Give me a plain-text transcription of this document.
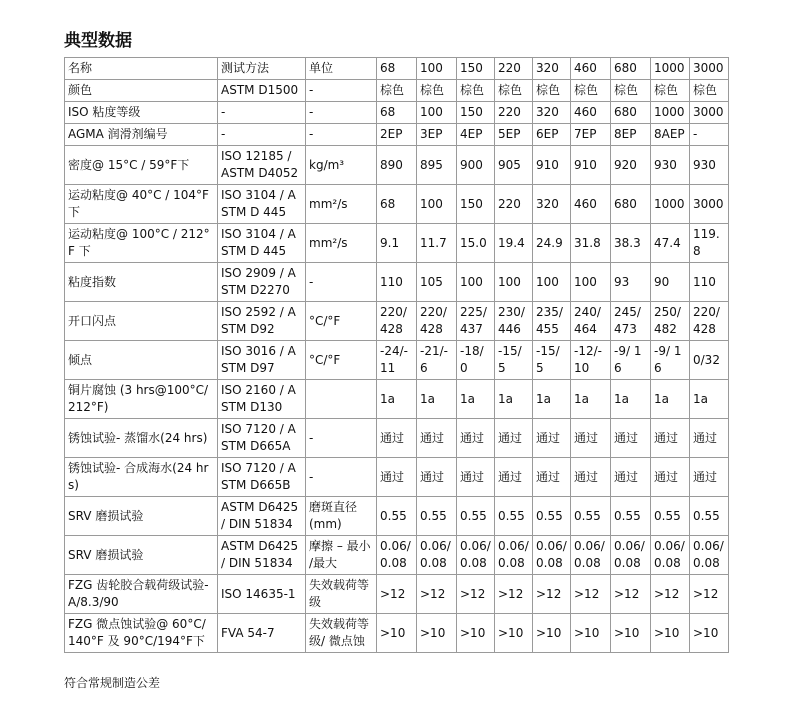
典型数据
名称	测试方法	单位	68	100	150	220	320	460	680	1000	3000
颜色	ASTM D1500	-	棕色	棕色	棕色	棕色	棕色	棕色	棕色	棕色	棕色
ISO 粘度等级	-	-	68	100	150	220	320	460	680	1000	3000
AGMA 润滑剂编号	-	-	2EP	3EP	4EP	5EP	6EP	7EP	8EP	8AEP	-
密度@ 15°C / 59°F下	ISO 12185 / ASTM D4052	kg/m³	890	895	900	905	910	910	920	930	930
运动粘度@ 40°C / 104°F 下	ISO 3104 / ASTM D 445	mm²/s	68	100	150	220	320	460	680	1000	3000
运动粘度@ 100°C / 212°F 下	ISO 3104 / ASTM D 445	mm²/s	9.1	11.7	15.0	19.4	24.9	31.8	38.3	47.4	119.8
粘度指数	ISO 2909 / ASTM D2270	-	110	105	100	100	100	100	93	90	110
开口闪点	ISO 2592 / ASTM D92	°C/°F	220/ 428	220/ 428	225/ 437	230/ 446	235/ 455	240/ 464	245/ 473	250/ 482	220/ 428
倾点	ISO 3016 / ASTM D97	°C/°F	-24/- 11	-21/- 6	-18/ 0	-15/ 5	-15/ 5	-12/- 10	-9/ 16	-9/ 16	0/32
铜片腐蚀 (3 hrs@100°C/ 212°F)	ISO 2160 / ASTM D130		1a	1a	1a	1a	1a	1a	1a	1a	1a
锈蚀试验- 蒸馏水(24 hrs)	ISO 7120 / ASTM D665A	-	通过	通过	通过	通过	通过	通过	通过	通过	通过
锈蚀试验- 合成海水(24 hrs)	ISO 7120 / ASTM D665B	-	通过	通过	通过	通过	通过	通过	通过	通过	通过
SRV 磨损试验	ASTM D6425 / DIN 51834	磨斑直径 (mm)	0.55	0.55	0.55	0.55	0.55	0.55	0.55	0.55	0.55
SRV 磨损试验	ASTM D6425 / DIN 51834	摩擦 – 最小 /最大	0.06/ 0.08	0.06/ 0.08	0.06/ 0.08	0.06/ 0.08	0.06/ 0.08	0.06/ 0.08	0.06/ 0.08	0.06/ 0.08	0.06/ 0.08
FZG 齿轮胶合载荷级试验- A/8.3/90	ISO 14635-1	失效载荷等 级	>12	>12	>12	>12	>12	>12	>12	>12	>12
FZG 微点蚀试验@ 60°C/ 140°F 及 90°C/194°F下	FVA 54-7	失效载荷等 级/ 微点蚀	>10	>10	>10	>10	>10	>10	>10	>10	>10
符合常规制造公差
